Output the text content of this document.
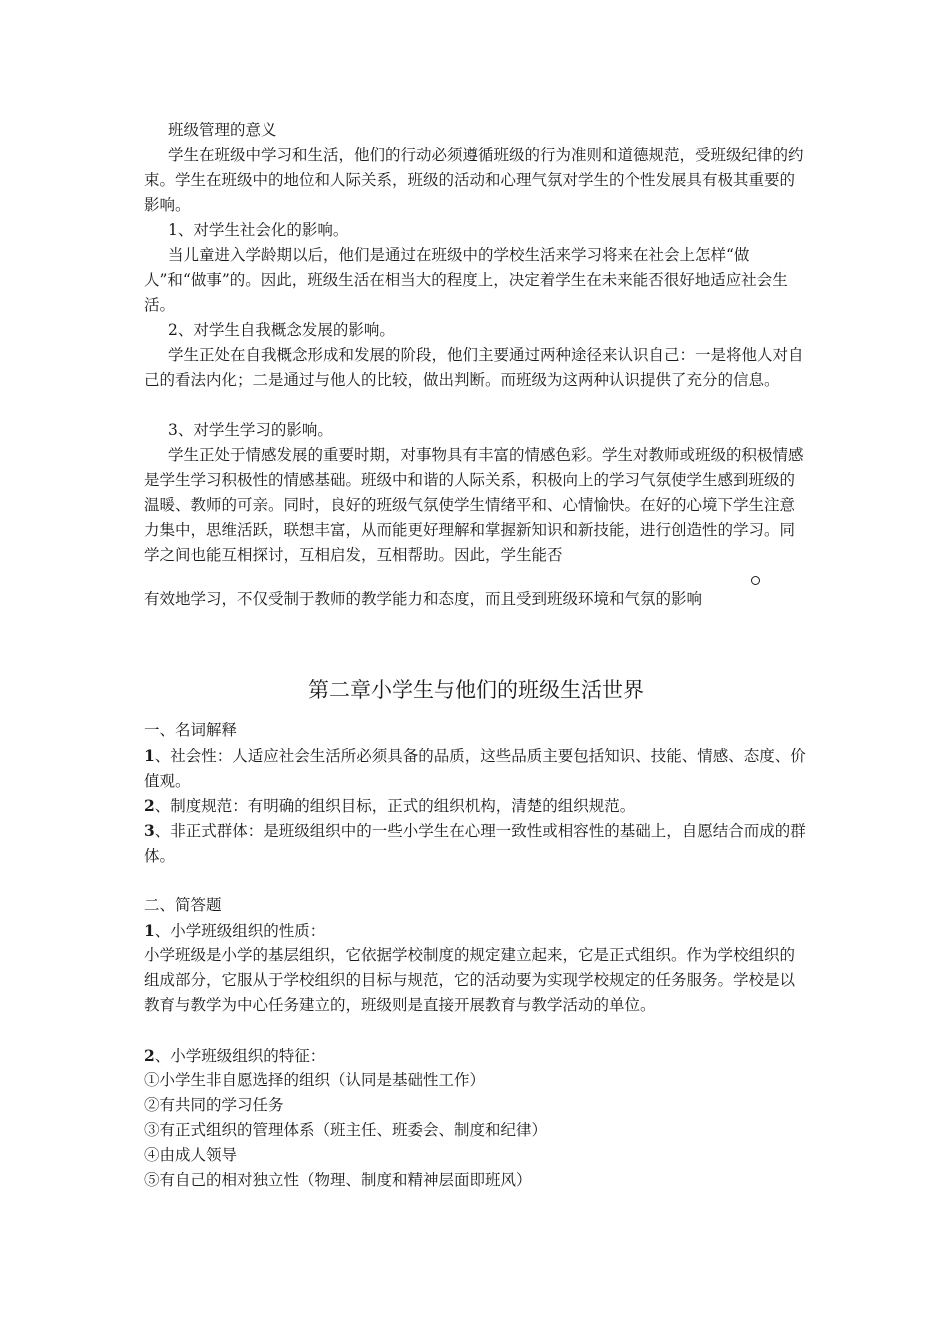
班级管理的意义

学生在班级中学习和生活，他们的行动必须遵循班级的行为准则和道德规范，受班级纪律的约束。学生在班级中的地位和人际关系，班级的活动和心理气氛对学生的个性发展具有极其重要的影响。

1、对学生社会化的影响。

当儿童进入学龄期以后，他们是通过在班级中的学校生活来学习将来在社会上怎样“做人”和“做事”的。因此，班级生活在相当大的程度上，决定着学生在未来能否很好地适应社会生活。

2、对学生自我概念发展的影响。

学生正处在自我概念形成和发展的阶段，他们主要通过两种途径来认识自己：一是将他人对自己的看法内化；二是通过与他人的比较，做出判断。而班级为这两种认识提供了充分的信息。

3、对学生学习的影响。

学生正处于情感发展的重要时期，对事物具有丰富的情感色彩。学生对教师或班级的积极情感是学生学习积极性的情感基础。班级中和谐的人际关系，积极向上的学习气氛使学生感到班级的温暖、教师的可亲。同时，良好的班级气氛使学生情绪平和、心情愉快。在好的心境下学生注意力集中，思维活跃，联想丰富，从而能更好理解和掌握新知识和新技能，进行创造性的学习。同学之间也能互相探讨，互相启发，互相帮助。因此，学生能否

有效地学习，不仅受制于教师的教学能力和态度，而且受到班级环境和气氛的影响

第二章小学生与他们的班级生活世界

一、名词解释

1、社会性：人适应社会生活所必须具备的品质，这些品质主要包括知识、技能、情感、态度、价值观。

2、制度规范：有明确的组织目标，正式的组织机构，清楚的组织规范。

3、非正式群体：是班级组织中的一些小学生在心理一致性或相容性的基础上，自愿结合而成的群体。

二、简答题

1、小学班级组织的性质：

小学班级是小学的基层组织，它依据学校制度的规定建立起来，它是正式组织。作为学校组织的组成部分，它服从于学校组织的目标与规范，它的活动要为实现学校规定的任务服务。学校是以教育与教学为中心任务建立的，班级则是直接开展教育与教学活动的单位。

2、小学班级组织的特征：

①小学生非自愿选择的组织（认同是基础性工作）

②有共同的学习任务

③有正式组织的管理体系（班主任、班委会、制度和纪律）

④由成人领导

⑤有自己的相对独立性（物理、制度和精神层面即班风）
